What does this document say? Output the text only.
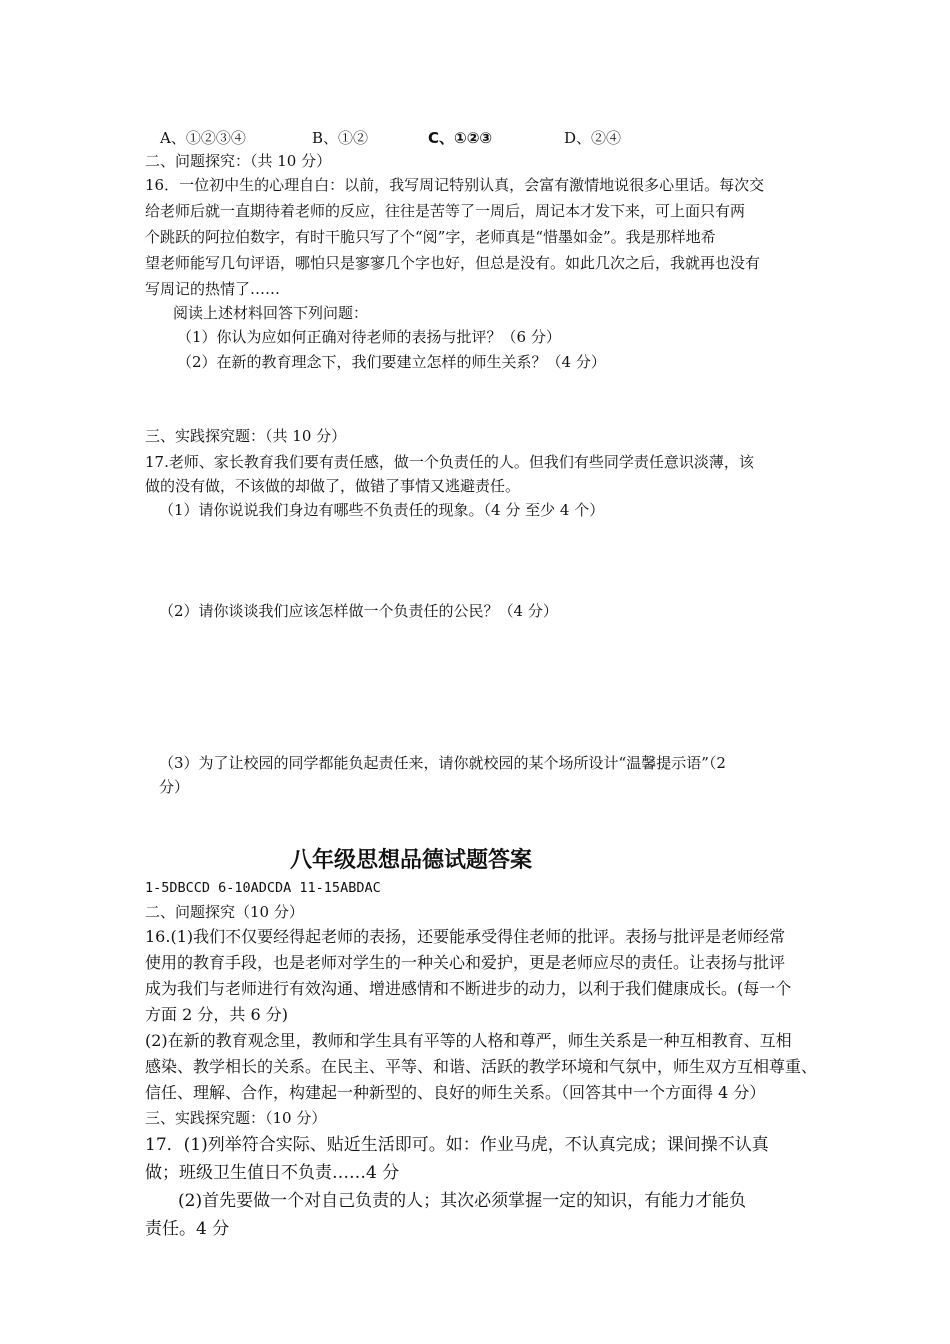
A、①②③④	B、①②	C、①②③	D、②④
二、问题探究：（共 10 分）
16．一位初中生的心理自白：以前，我写周记特别认真，会富有激情地说很多心里话。每次交
给老师后就一直期待着老师的反应，往往是苦等了一周后，周记本才发下来，可上面只有两
个跳跃的阿拉伯数字，有时干脆只写了个“阅”字，老师真是“惜墨如金”。我是那样地希
望老师能写几句评语，哪怕只是寥寥几个字也好，但总是没有。如此几次之后，我就再也没有
写周记的热情了……
阅读上述材料回答下列问题：
（1）你认为应如何正确对待老师的表扬与批评？（6 分）
（2）在新的教育理念下，我们要建立怎样的师生关系？（4 分）
三、实践探究题：（共 10 分）
17.老师、家长教育我们要有责任感，做一个负责任的人。但我们有些同学责任意识淡薄，该
做的没有做，不该做的却做了，做错了事情又逃避责任。
（1）请你说说我们身边有哪些不负责任的现象。（4 分 至少 4 个）
（2）请你谈谈我们应该怎样做一个负责任的公民？（4 分）
（3）为了让校园的同学都能负起责任来，请你就校园的某个场所设计“温馨提示语”（2
分）
八年级思想品德试题答案
1-5DBCCD 6-10ADCDA 11-15ABDAC
二、问题探究（10 分）
16.(1)我们不仅要经得起老师的表扬，还要能承受得住老师的批评。表扬与批评是老师经常
使用的教育手段，也是老师对学生的一种关心和爱护，更是老师应尽的责任。让表扬与批评
成为我们与老师进行有效沟通、增进感情和不断进步的动力，以利于我们健康成长。(每一个
方面 2 分，共 6 分)
(2)在新的教育观念里，教师和学生具有平等的人格和尊严，师生关系是一种互相教育、互相
感染、教学相长的关系。在民主、平等、和谐、活跃的教学环境和气氛中，师生双方互相尊重、
信任、理解、合作，构建起一种新型的、良好的师生关系。（回答其中一个方面得 4 分）
三、实践探究题：（10 分）
17．(1)列举符合实际、贴近生活即可。如：作业马虎，不认真完成；课间操不认真
做；班级卫生值日不负责……4 分
(2)首先要做一个对自己负责的人；其次必须掌握一定的知识，有能力才能负
责任。4 分
